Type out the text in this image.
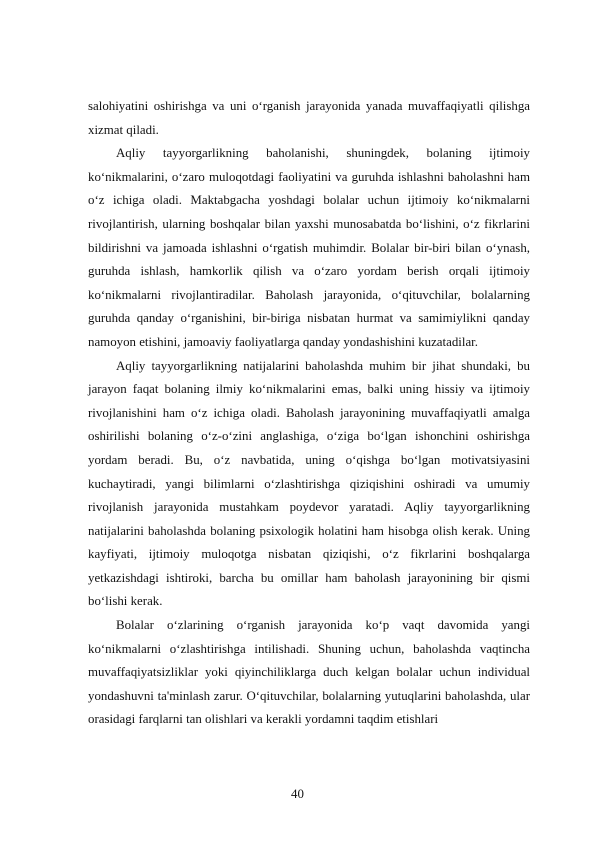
salohiyatini oshirishga va uni o‘rganish jarayonida yanada muvaffaqiyatli qilishga xizmat qiladi.

Aqliy tayyorgarlikning baholanishi, shuningdek, bolaning ijtimoiy ko‘nikmalarini, o‘zaro muloqotdagi faoliyatini va guruhda ishlashni baholashni ham o‘z ichiga oladi. Maktabgacha yoshdagi bolalar uchun ijtimoiy ko‘nikmalarni rivojlantirish, ularning boshqalar bilan yaxshi munosabatda bo‘lishini, o‘z fikrlarini bildirishni va jamoada ishlashni o‘rgatish muhimdir. Bolalar bir-biri bilan o‘ynash, guruhda ishlash, hamkorlik qilish va o‘zaro yordam berish orqali ijtimoiy ko‘nikmalarni rivojlantiradilar. Baholash jarayonida, o‘qituvchilar, bolalarning guruhda qanday o‘rganishini, bir-biriga nisbatan hurmat va samimiylikni qanday namoyon etishini, jamoaviy faoliyatlarga qanday yondashishini kuzatadilar.

Aqliy tayyorgarlikning natijalarini baholashda muhim bir jihat shundaki, bu jarayon faqat bolaning ilmiy ko‘nikmalarini emas, balki uning hissiy va ijtimoiy rivojlanishini ham o‘z ichiga oladi. Baholash jarayonining muvaffaqiyatli amalga oshirilishi bolaning o‘z-o‘zini anglashiga, o‘ziga bo‘lgan ishonchini oshirishga yordam beradi. Bu, o‘z navbatida, uning o‘qishga bo‘lgan motivatsiyasini kuchaytiradi, yangi bilimlarni o‘zlashtirishga qiziqishini oshiradi va umumiy rivojlanish jarayonida mustahkam poydevor yaratadi. Aqliy tayyorgarlikning natijalarini baholashda bolaning psixologik holatini ham hisobga olish kerak. Uning kayfiyati, ijtimoiy muloqotga nisbatan qiziqishi, o‘z fikrlarini boshqalarga yetkazishdagi ishtiroki, barcha bu omillar ham baholash jarayonining bir qismi bo‘lishi kerak.

Bolalar o‘zlarining o‘rganish jarayonida ko‘p vaqt davomida yangi ko‘nikmalarni o‘zlashtirishga intilishadi. Shuning uchun, baholashda vaqtincha muvaffaqiyatsizliklar yoki qiyinchiliklarga duch kelgan bolalar uchun individual yondashuvni ta'minlash zarur. O‘qituvchilar, bolalarning yutuqlarini baholashda, ular orasidagi farqlarni tan olishlari va kerakli yordamni taqdim etishlari

40
